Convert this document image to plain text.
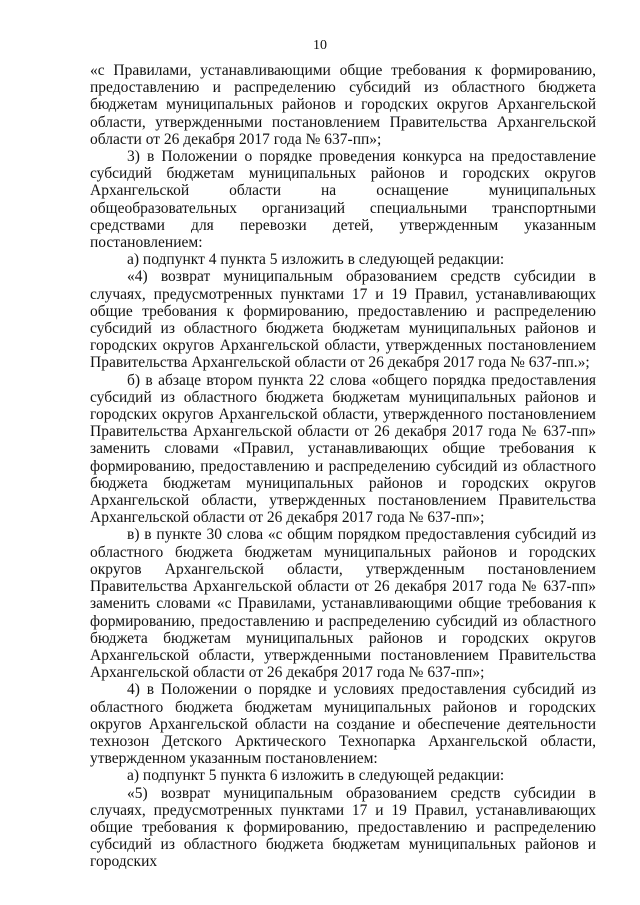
10

«с Правилами, устанавливающими общие требования к формированию, предоставлению и распределению субсидий из областного бюджета бюджетам муниципальных районов и городских округов Архангельской области, утвержденными постановлением Правительства Архангельской области от 26 декабря 2017 года № 637-пп»;

3) в Положении о порядке проведения конкурса на предоставление субсидий бюджетам муниципальных районов и городских округов Архангельской области на оснащение муниципальных общеобразовательных организаций специальными транспортными средствами для перевозки детей, утвержденным указанным постановлением:

а) подпункт 4 пункта 5 изложить в следующей редакции:

«4) возврат муниципальным образованием средств субсидии в случаях, предусмотренных пунктами 17 и 19 Правил, устанавливающих общие требования к формированию, предоставлению и распределению субсидий из областного бюджета бюджетам муниципальных районов и городских округов Архангельской области, утвержденных постановлением Правительства Архангельской области от 26 декабря 2017 года № 637-пп.»;

б) в абзаце втором пункта 22 слова «общего порядка предоставления субсидий из областного бюджета бюджетам муниципальных районов и городских округов Архангельской области, утвержденного постановлением Правительства Архангельской области от 26 декабря 2017 года № 637-пп» заменить словами «Правил, устанавливающих общие требования к формированию, предоставлению и распределению субсидий из областного бюджета бюджетам муниципальных районов и городских округов Архангельской области, утвержденных постановлением Правительства Архангельской области от 26 декабря 2017 года № 637-пп»;

в) в пункте 30 слова «с общим порядком предоставления субсидий из областного бюджета бюджетам муниципальных районов и городских округов Архангельской области, утвержденным постановлением Правительства Архангельской области от 26 декабря 2017 года № 637-пп» заменить словами «с Правилами, устанавливающими общие требования к формированию, предоставлению и распределению субсидий из областного бюджета бюджетам муниципальных районов и городских округов Архангельской области, утвержденными постановлением Правительства Архангельской области от 26 декабря 2017 года № 637-пп»;

4) в Положении о порядке и условиях предоставления субсидий из областного бюджета бюджетам муниципальных районов и городских округов Архангельской области на создание и обеспечение деятельности технозон Детского Арктического Технопарка Архангельской области, утвержденном указанным постановлением:

а) подпункт 5 пункта 6 изложить в следующей редакции:

«5) возврат муниципальным образованием средств субсидии в случаях, предусмотренных пунктами 17 и 19 Правил, устанавливающих общие требования к формированию, предоставлению и распределению субсидий из областного бюджета бюджетам муниципальных районов и городских
